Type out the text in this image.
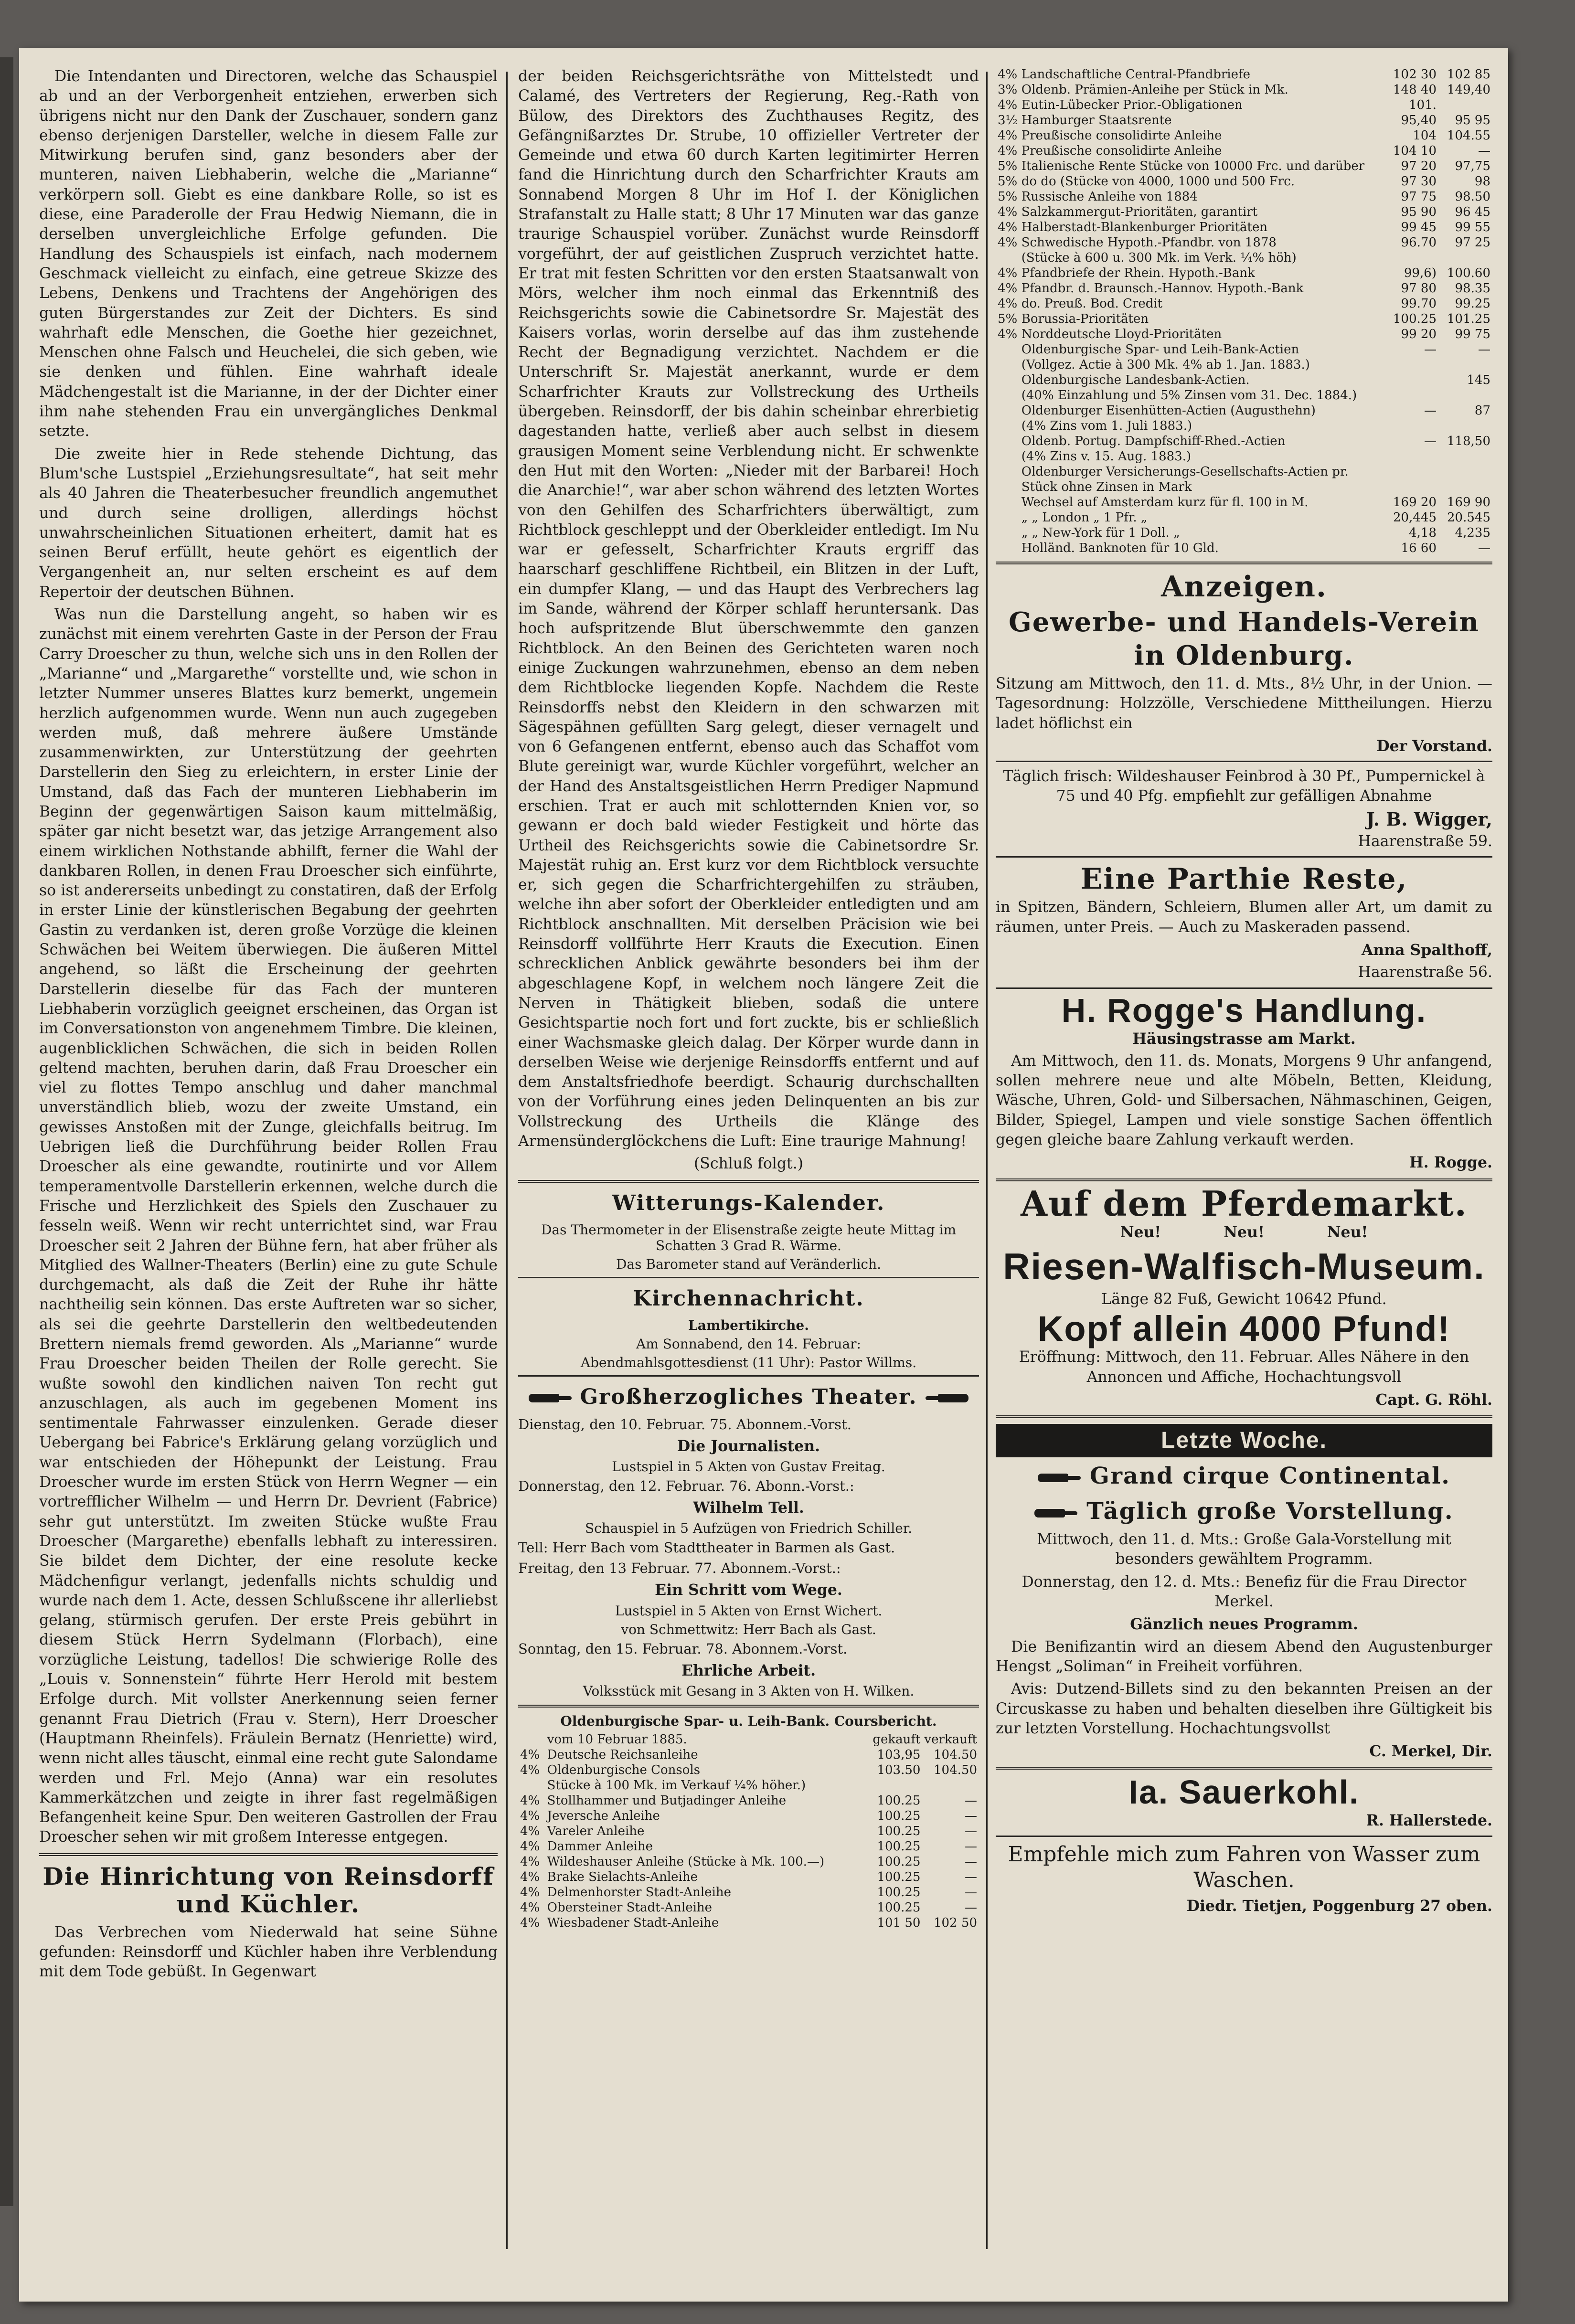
Die Intendanten und Directoren, welche das Schauspiel ab und an der Verborgenheit entziehen, erwerben sich übrigens nicht nur den Dank der Zuschauer, sondern ganz ebenso derjenigen Darsteller, welche in diesem Falle zur Mitwirkung berufen sind, ganz besonders aber der munteren, naiven Liebhaberin, welche die „Marianne“ verkörpern soll. Giebt es eine dankbare Rolle, so ist es diese, eine Paraderolle der Frau Hedwig Niemann, die in derselben unvergleichliche Erfolge gefunden. Die Handlung des Schauspiels ist einfach, nach modernem Geschmack vielleicht zu einfach, eine getreue Skizze des Lebens, Denkens und Trachtens der Angehörigen des guten Bürgerstandes zur Zeit der Dichters. Es sind wahrhaft edle Menschen, die Goethe hier gezeichnet, Menschen ohne Falsch und Heuchelei, die sich geben, wie sie denken und fühlen. Eine wahrhaft ideale Mädchengestalt ist die Marianne, in der der Dichter einer ihm nahe stehenden Frau ein unvergängliches Denkmal setzte.

Die zweite hier in Rede stehende Dichtung, das Blum'sche Lustspiel „Erziehungsresultate“, hat seit mehr als 40 Jahren die Theaterbesucher freundlich angemuthet und durch seine drolligen, allerdings höchst unwahrscheinlichen Situationen erheitert, damit hat es seinen Beruf erfüllt, heute gehört es eigentlich der Vergangenheit an, nur selten erscheint es auf dem Repertoir der deutschen Bühnen.

Was nun die Darstellung angeht, so haben wir es zunächst mit einem verehrten Gaste in der Person der Frau Carry Droescher zu thun, welche sich uns in den Rollen der „Marianne“ und „Margarethe“ vorstellte und, wie schon in letzter Nummer unseres Blattes kurz bemerkt, ungemein herzlich aufgenommen wurde. Wenn nun auch zugegeben werden muß, daß mehrere äußere Umstände zusammenwirkten, zur Unterstützung der geehrten Darstellerin den Sieg zu erleichtern, in erster Linie der Umstand, daß das Fach der munteren Liebhaberin im Beginn der gegenwärtigen Saison kaum mittelmäßig, später gar nicht besetzt war, das jetzige Arrangement also einem wirklichen Nothstande abhilft, ferner die Wahl der dankbaren Rollen, in denen Frau Droescher sich einführte, so ist andererseits unbedingt zu constatiren, daß der Erfolg in erster Linie der künstlerischen Begabung der geehrten Gastin zu verdanken ist, deren große Vorzüge die kleinen Schwächen bei Weitem überwiegen. Die äußeren Mittel angehend, so läßt die Erscheinung der geehrten Darstellerin dieselbe für das Fach der munteren Liebhaberin vorzüglich geeignet erscheinen, das Organ ist im Conversationston von angenehmem Timbre. Die kleinen, augenblicklichen Schwächen, die sich in beiden Rollen geltend machten, beruhen darin, daß Frau Droescher ein viel zu flottes Tempo anschlug und daher manchmal unverständlich blieb, wozu der zweite Umstand, ein gewisses Anstoßen mit der Zunge, gleichfalls beitrug. Im Uebrigen ließ die Durchführung beider Rollen Frau Droescher als eine gewandte, routinirte und vor Allem temperamentvolle Darstellerin erkennen, welche durch die Frische und Herzlichkeit des Spiels den Zuschauer zu fesseln weiß. Wenn wir recht unterrichtet sind, war Frau Droescher seit 2 Jahren der Bühne fern, hat aber früher als Mitglied des Wallner-Theaters (Berlin) eine zu gute Schule durchgemacht, als daß die Zeit der Ruhe ihr hätte nachtheilig sein können. Das erste Auftreten war so sicher, als sei die geehrte Darstellerin den weltbedeutenden Brettern niemals fremd geworden. Als „Marianne“ wurde Frau Droescher beiden Theilen der Rolle gerecht. Sie wußte sowohl den kindlichen naiven Ton recht gut anzuschlagen, als auch im gegebenen Moment ins sentimentale Fahrwasser einzulenken. Gerade dieser Uebergang bei Fabrice's Erklärung gelang vorzüglich und war entschieden der Höhepunkt der Leistung. Frau Droescher wurde im ersten Stück von Herrn Wegner — ein vortrefflicher Wilhelm — und Herrn Dr. Devrient (Fabrice) sehr gut unterstützt. Im zweiten Stücke wußte Frau Droescher (Margarethe) ebenfalls lebhaft zu interessiren. Sie bildet dem Dichter, der eine resolute kecke Mädchenfigur verlangt, jedenfalls nichts schuldig und wurde nach dem 1. Acte, dessen Schlußscene ihr allerliebst gelang, stürmisch gerufen. Der erste Preis gebührt in diesem Stück Herrn Sydelmann (Florbach), eine vorzügliche Leistung, tadellos! Die schwierige Rolle des „Louis v. Sonnenstein“ führte Herr Herold mit bestem Erfolge durch. Mit vollster Anerkennung seien ferner genannt Frau Dietrich (Frau v. Stern), Herr Droescher (Hauptmann Rheinfels). Fräulein Bernatz (Henriette) wird, wenn nicht alles täuscht, einmal eine recht gute Salondame werden und Frl. Mejo (Anna) war ein resolutes Kammerkätzchen und zeigte in ihrer fast regelmäßigen Befangenheit keine Spur. Den weiteren Gastrollen der Frau Droescher sehen wir mit großem Interesse entgegen.

Die Hinrichtung von Reinsdorff und Küchler.

Das Verbrechen vom Niederwald hat seine Sühne gefunden: Reinsdorff und Küchler haben ihre Verblendung mit dem Tode gebüßt. In Gegenwart

der beiden Reichsgerichtsräthe von Mittelstedt und Calamé, des Vertreters der Regierung, Reg.-Rath von Bülow, des Direktors des Zuchthauses Regitz, des Gefängnißarztes Dr. Strube, 10 offizieller Vertreter der Gemeinde und etwa 60 durch Karten legitimirter Herren fand die Hinrichtung durch den Scharfrichter Krauts am Sonnabend Morgen 8 Uhr im Hof I. der Königlichen Strafanstalt zu Halle statt; 8 Uhr 17 Minuten war das ganze traurige Schauspiel vorüber. Zunächst wurde Reinsdorff vorgeführt, der auf geistlichen Zuspruch verzichtet hatte. Er trat mit festen Schritten vor den ersten Staatsanwalt von Mörs, welcher ihm noch einmal das Erkenntniß des Reichsgerichts sowie die Cabinetsordre Sr. Majestät des Kaisers vorlas, worin derselbe auf das ihm zustehende Recht der Begnadigung verzichtet. Nachdem er die Unterschrift Sr. Majestät anerkannt, wurde er dem Scharfrichter Krauts zur Vollstreckung des Urtheils übergeben. Reinsdorff, der bis dahin scheinbar ehrerbietig dagestanden hatte, verließ aber auch selbst in diesem grausigen Moment seine Verblendung nicht. Er schwenkte den Hut mit den Worten: „Nieder mit der Barbarei! Hoch die Anarchie!“, war aber schon während des letzten Wortes von den Gehilfen des Scharfrichters überwältigt, zum Richtblock geschleppt und der Oberkleider entledigt. Im Nu war er gefesselt, Scharfrichter Krauts ergriff das haarscharf geschliffene Richtbeil, ein Blitzen in der Luft, ein dumpfer Klang, — und das Haupt des Verbrechers lag im Sande, während der Körper schlaff heruntersank. Das hoch aufspritzende Blut überschwemmte den ganzen Richtblock. An den Beinen des Gerichteten waren noch einige Zuckungen wahrzunehmen, ebenso an dem neben dem Richtblocke liegenden Kopfe. Nachdem die Reste Reinsdorffs nebst den Kleidern in den schwarzen mit Sägespähnen gefüllten Sarg gelegt, dieser vernagelt und von 6 Gefangenen entfernt, ebenso auch das Schaffot vom Blute gereinigt war, wurde Küchler vorgeführt, welcher an der Hand des Anstaltsgeistlichen Herrn Prediger Napmund erschien. Trat er auch mit schlotternden Knien vor, so gewann er doch bald wieder Festigkeit und hörte das Urtheil des Reichsgerichts sowie die Cabinetsordre Sr. Majestät ruhig an. Erst kurz vor dem Richtblock versuchte er, sich gegen die Scharfrichtergehilfen zu sträuben, welche ihn aber sofort der Oberkleider entledigten und am Richtblock anschnallten. Mit derselben Präcision wie bei Reinsdorff vollführte Herr Krauts die Execution. Einen schrecklichen Anblick gewährte besonders bei ihm der abgeschlagene Kopf, in welchem noch längere Zeit die Nerven in Thätigkeit blieben, sodaß die untere Gesichtspartie noch fort und fort zuckte, bis er schließlich einer Wachsmaske gleich dalag. Der Körper wurde dann in derselben Weise wie derjenige Reinsdorffs entfernt und auf dem Anstaltsfriedhofe beerdigt. Schaurig durchschallten von der Vorführung eines jeden Delinquenten an bis zur Vollstreckung des Urtheils die Klänge des Armensünderglöckchens die Luft: Eine traurige Mahnung!

(Schluß folgt.)

Witterungs-Kalender.

Das Thermometer in der Elisenstraße zeigte heute Mittag im Schatten 3 Grad R. Wärme.

Das Barometer stand auf Veränderlich.

Kirchennachricht.

Lambertikirche.

Am Sonnabend, den 14. Februar:

Abendmahlsgottesdienst (11 Uhr): Pastor Willms.

Großherzogliches Theater.

Dienstag, den 10. Februar. 75. Abonnem.-Vorst.

Die Journalisten.

Lustspiel in 5 Akten von Gustav Freitag.

Donnerstag, den 12. Februar. 76. Abonn.-Vorst.:

Wilhelm Tell.

Schauspiel in 5 Aufzügen von Friedrich Schiller.

Tell: Herr Bach vom Stadttheater in Barmen als Gast.

Freitag, den 13 Februar. 77. Abonnem.-Vorst.:

Ein Schritt vom Wege.

Lustspiel in 5 Akten von Ernst Wichert.

von Schmettwitz: Herr Bach als Gast.

Sonntag, den 15. Februar. 78. Abonnem.-Vorst.

Ehrliche Arbeit.

Volksstück mit Gesang in 3 Akten von H. Wilken.

Oldenburgische Spar- u. Leih-Bank. Coursbericht.

	vom 10 Februar 1885.	gekauft	verkauft
4%	Deutsche Reichsanleihe	103,95	104.50
4%	Oldenburgische Consols	103.50	104.50
	Stücke à 100 Mk. im Verkauf ¼% höher.)		
4%	Stollhammer und Butjadinger Anleihe	100.25	—
4%	Jeversche Anleihe	100.25	—
4%	Vareler Anleihe	100.25	—
4%	Dammer Anleihe	100.25	—
4%	Wildeshauser Anleihe (Stücke à Mk. 100.—)	100.25	—
4%	Brake Sielachts-Anleihe	100.25	—
4%	Delmenhorster Stadt-Anleihe	100.25	—
4%	Obersteiner Stadt-Anleihe	100.25	—
4%	Wiesbadener Stadt-Anleihe	101 50	102 50
4%	Landschaftliche Central-Pfandbriefe	102 30	102 85
3%	Oldenb. Prämien-Anleihe per Stück in Mk.	148 40	149,40
4%	Eutin-Lübecker Prior.-Obligationen	101.	
3½	Hamburger Staatsrente	95,40	95 95
4%	Preußische consolidirte Anleihe	104	104.55
4%	Preußische consolidirte Anleihe	104 10	—
5%	Italienische Rente Stücke von 10000 Frc. und darüber	97 20	97,75
5%	do do (Stücke von 4000, 1000 und 500 Frc.	97 30	98
5%	Russische Anleihe von 1884	97 75	98.50
4%	Salzkammergut-Prioritäten, garantirt	95 90	96 45
4%	Halberstadt-Blankenburger Prioritäten	99 45	99 55
4%	Schwedische Hypoth.-Pfandbr. von 1878	96.70	97 25
	(Stücke à 600 u. 300 Mk. im Verk. ¼% höh)		
4%	Pfandbriefe der Rhein. Hypoth.-Bank	99,6)	100.60
4%	Pfandbr. d. Braunsch.-Hannov. Hypoth.-Bank	97 80	98.35
4%	do. Preuß. Bod. Credit	99.70	99.25
5%	Borussia-Prioritäten	100.25	101.25
4%	Norddeutsche Lloyd-Prioritäten	99 20	99 75
	Oldenburgische Spar- und Leih-Bank-Actien	—	—
	(Vollgez. Actie à 300 Mk. 4% ab 1. Jan. 1883.)		
	Oldenburgische Landesbank-Actien.		145
	(40% Einzahlung und 5% Zinsen vom 31. Dec. 1884.)		
	Oldenburger Eisenhütten-Actien (Augusthehn)	—	87
	(4% Zins vom 1. Juli 1883.)		
	Oldenb. Portug. Dampfschiff-Rhed.-Actien	—	118,50
	(4% Zins v. 15. Aug. 1883.)		
	Oldenburger Versicherungs-Gesellschafts-Actien pr. Stück ohne Zinsen in Mark		
	Wechsel auf Amsterdam kurz für fl. 100 in M.	169 20	169 90
	„ „ London „ 1 Pfr. „	20,445	20.545
	„ „ New-York für 1 Doll. „	4,18	4,235
	Holländ. Banknoten für 10 Gld.	16 60	—
Anzeigen.
Gewerbe- und Handels-Verein in Oldenburg.

Sitzung am Mittwoch, den 11. d. Mts., 8½ Uhr, in der Union. — Tagesordnung: Holzzölle, Verschiedene Mittheilungen. Hierzu ladet höflichst ein

Der Vorstand.

Täglich frisch: Wildeshauser Feinbrod à 30 Pf., Pumpernickel à 75 und 40 Pfg. empfiehlt zur gefälligen Abnahme

J. B. Wigger,

Haarenstraße 59.

Eine Parthie Reste,

in Spitzen, Bändern, Schleiern, Blumen aller Art, um damit zu räumen, unter Preis. — Auch zu Maskeraden passend.

Anna Spalthoff,

Haarenstraße 56.

H. Rogge's Handlung.

Häusingstrasse am Markt.

Am Mittwoch, den 11. ds. Monats, Morgens 9 Uhr anfangend, sollen mehrere neue und alte Möbeln, Betten, Kleidung, Wäsche, Uhren, Gold- und Silbersachen, Nähmaschinen, Geigen, Bilder, Spiegel, Lampen und viele sonstige Sachen öffentlich gegen gleiche baare Zahlung verkauft werden.

H. Rogge.

Auf dem Pferdemarkt.

Neu! Neu! Neu!

Riesen-Walfisch-Museum.

Länge 82 Fuß, Gewicht 10642 Pfund.

Kopf allein 4000 Pfund!

Eröffnung: Mittwoch, den 11. Februar. Alles Nähere in den Annoncen und Affiche, Hochachtungsvoll

Capt. G. Röhl.

Letzte Woche.
Grand cirque Continental.
Täglich große Vorstellung.

Mittwoch, den 11. d. Mts.: Große Gala-Vorstellung mit besonders gewähltem Programm.

Donnerstag, den 12. d. Mts.: Benefiz für die Frau Director Merkel.

Gänzlich neues Programm.

Die Benifizantin wird an diesem Abend den Augustenburger Hengst „Soliman“ in Freiheit vorführen.

Avis: Dutzend-Billets sind zu den bekannten Preisen an der Circuskasse zu haben und behalten dieselben ihre Gültigkeit bis zur letzten Vorstellung. Hochachtungsvollst

C. Merkel, Dir.

Ia. Sauerkohl.

R. Hallerstede.

Empfehle mich zum Fahren von Wasser zum Waschen.

Diedr. Tietjen, Poggenburg 27 oben.
